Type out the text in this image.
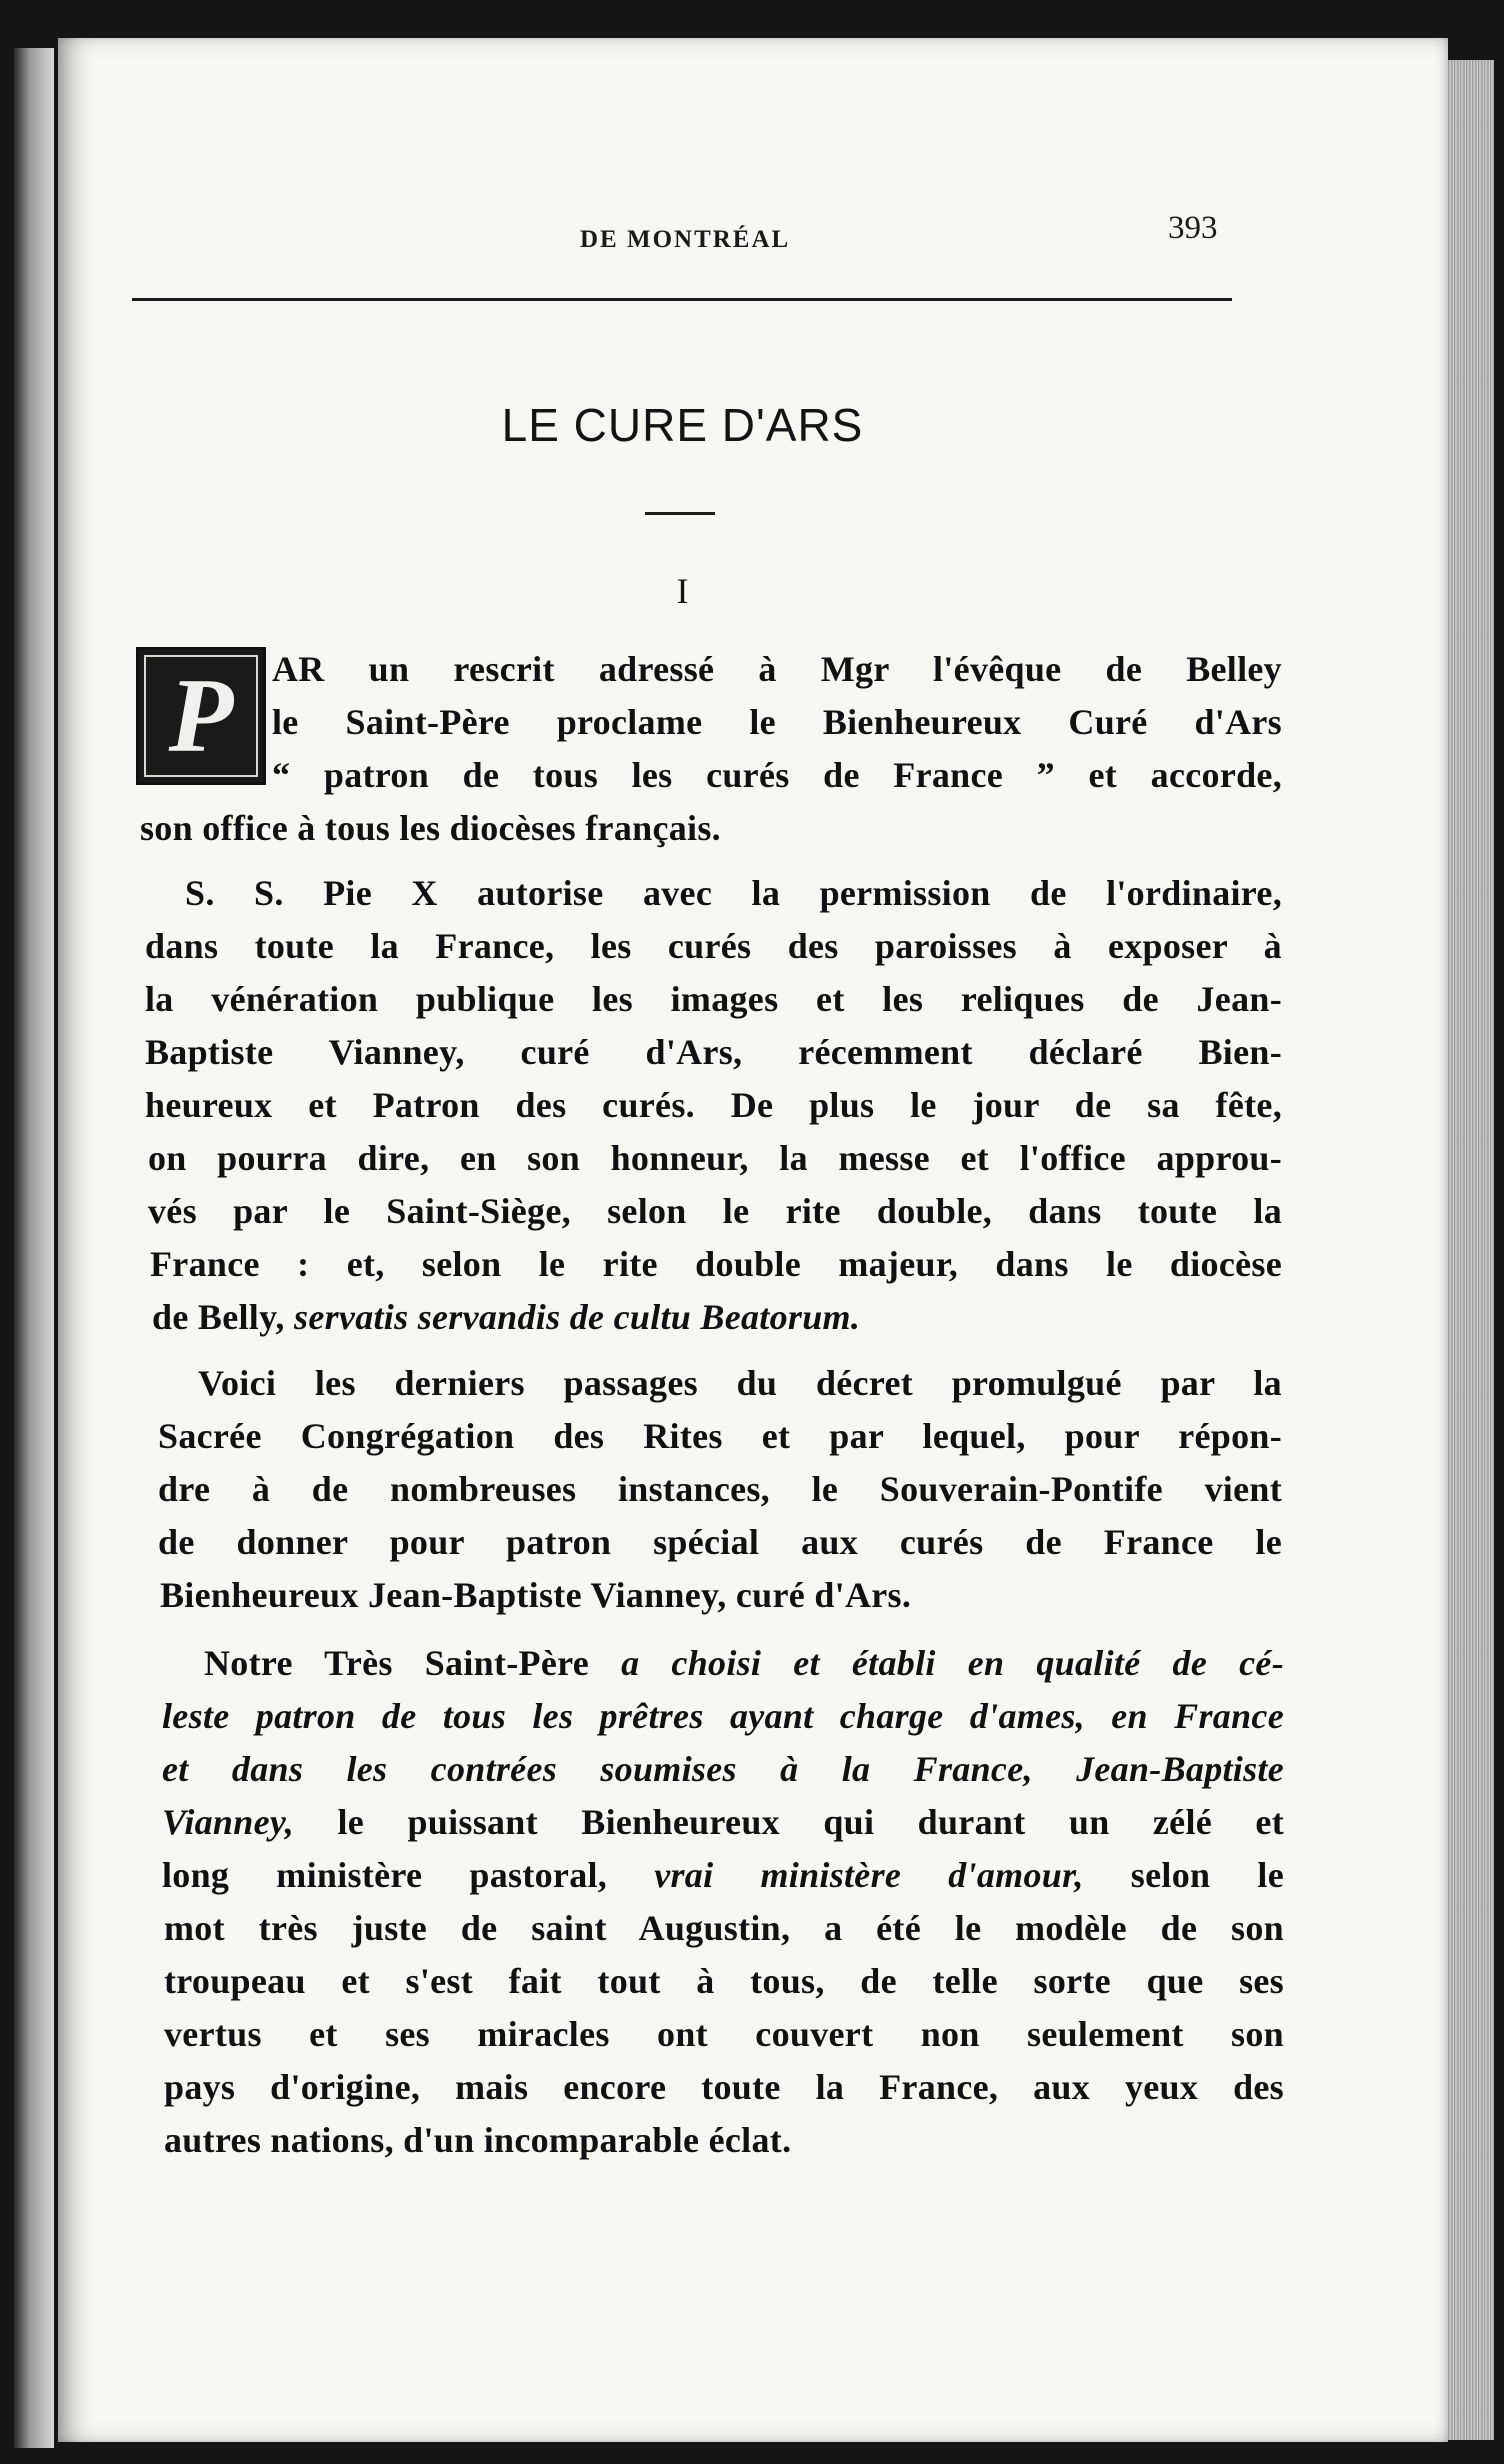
DE MONTRÉAL	393
LE CURE D'ARS
I
P	AR un rescrit adressé à Mgr l'évêque de Belley
le Saint-Père proclame le Bienheureux Curé d'Ars
“ patron de tous les curés de France ” et accorde,
son office à tous les diocèses français.
S. S. Pie X autorise avec la permission de l'ordinaire,
dans toute la France, les curés des paroisses à exposer à
la vénération publique les images et les reliques de Jean-
Baptiste Vianney, curé d'Ars, récemment déclaré Bien-
heureux et Patron des curés. De plus le jour de sa fête,
on pourra dire, en son honneur, la messe et l'office approu-
vés par le Saint-Siège, selon le rite double, dans toute la
France : et, selon le rite double majeur, dans le diocèse
de Belly, servatis servandis de cultu Beatorum.
Voici les derniers passages du décret promulgué par la
Sacrée Congrégation des Rites et par lequel, pour répon-
dre à de nombreuses instances, le Souverain-Pontife vient
de donner pour patron spécial aux curés de France le
Bienheureux Jean-Baptiste Vianney, curé d'Ars.
Notre Très Saint-Père a choisi et établi en qualité de cé-
leste patron de tous les prêtres ayant charge d'ames, en France
et dans les contrées soumises à la France, Jean-Baptiste
Vianney, le puissant Bienheureux qui durant un zélé et
long ministère pastoral, vrai ministère d'amour, selon le
mot très juste de saint Augustin, a été le modèle de son
troupeau et s'est fait tout à tous, de telle sorte que ses
vertus et ses miracles ont couvert non seulement son
pays d'origine, mais encore toute la France, aux yeux des
autres nations, d'un incomparable éclat.
